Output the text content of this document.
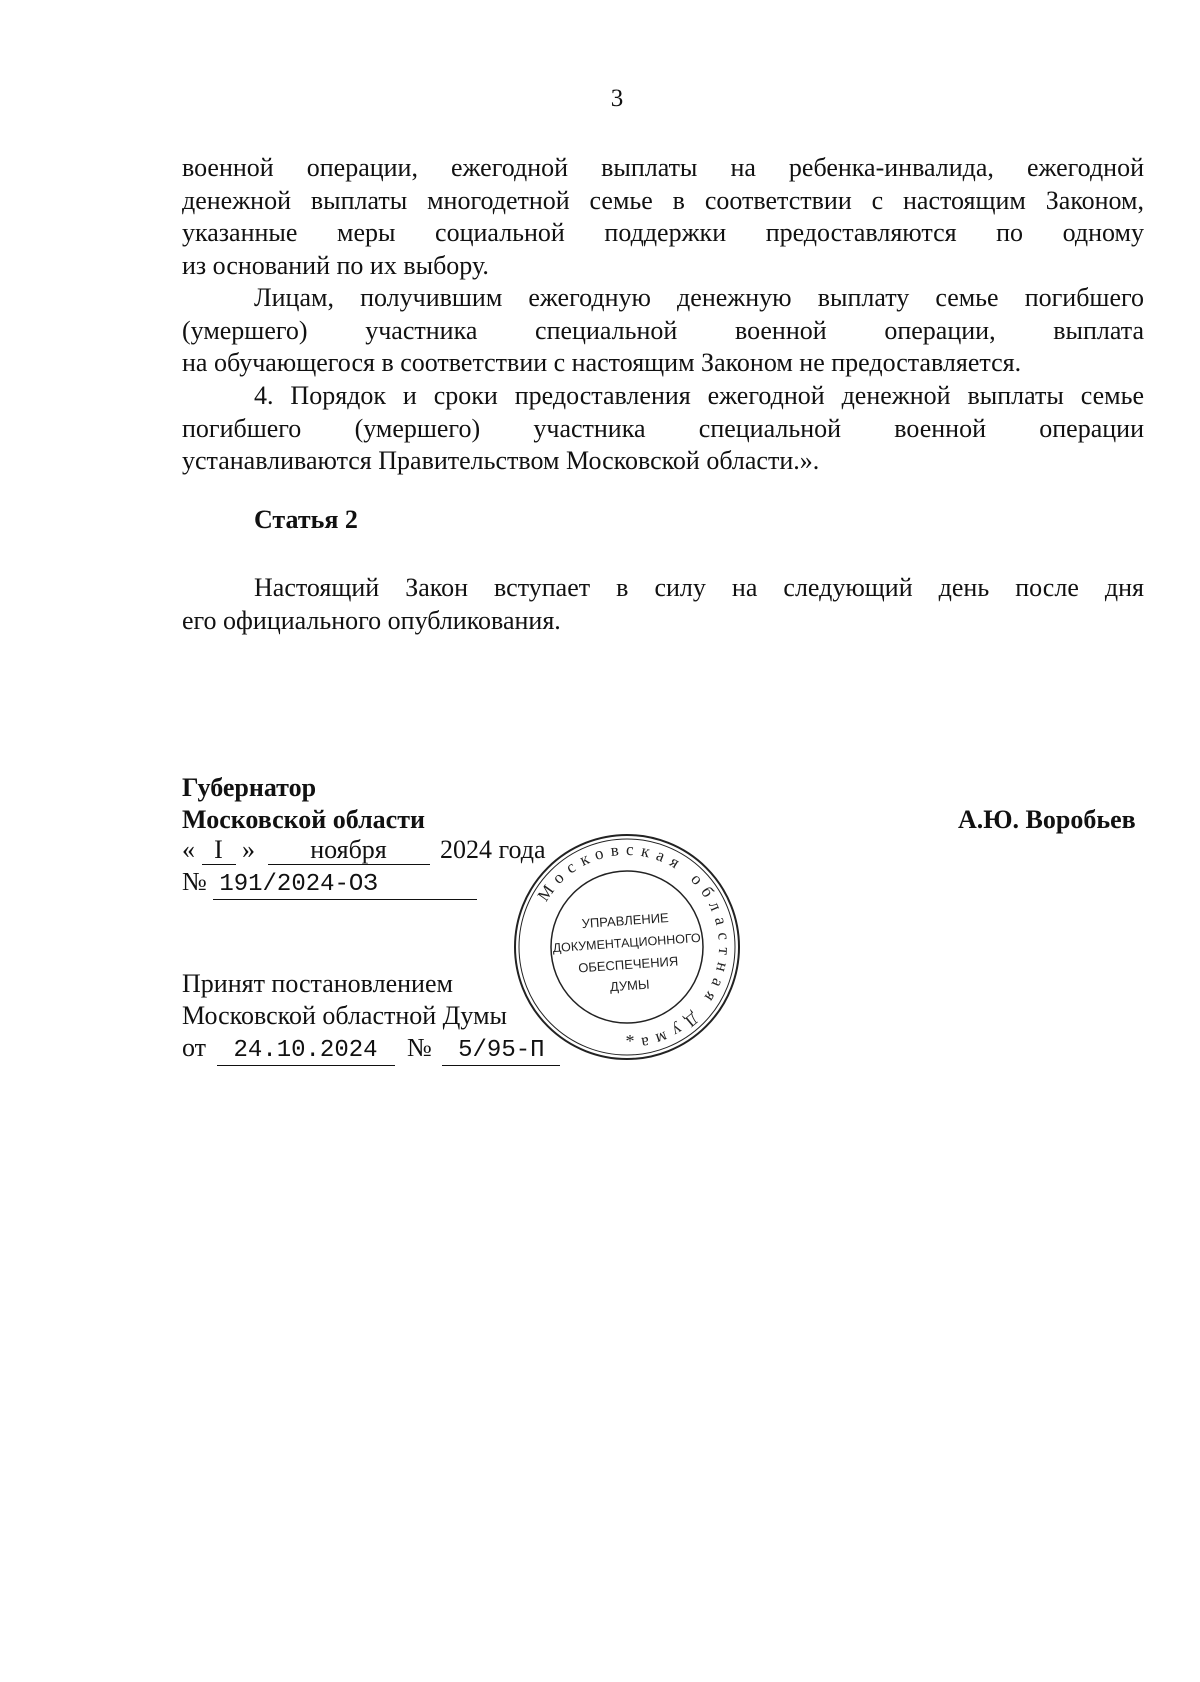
3
военной операции, ежегодной выплаты на ребенка-инвалида, ежегодной
денежной выплаты многодетной семье в соответствии с настоящим Законом,
указанные меры социальной поддержки предоставляются по одному
из оснований по их выбору.
Лицам, получившим ежегодную денежную выплату семье погибшего
(умершего) участника специальной военной операции, выплата
на обучающегося в соответствии с настоящим Законом не предоставляется.
4. Порядок и сроки предоставления ежегодной денежной выплаты семье
погибшего (умершего) участника специальной военной операции
устанавливаются Правительством Московской области.».
Статья 2
Настоящий Закон вступает в силу на следующий день после дня
его официального опубликования.
Губернатор
Московской области	А.Ю. Воробьев
« I » ноября 2024 года
№ 191/2024-ОЗ
Принят постановлением
Московской областной Думы
от 24.10.2024 № 5/95-П
Московская областная Дума
УПРАВЛЕНИЕ
ДОКУМЕНТАЦИОННОГО
ОБЕСПЕЧЕНИЯ
ДУМЫ
*
